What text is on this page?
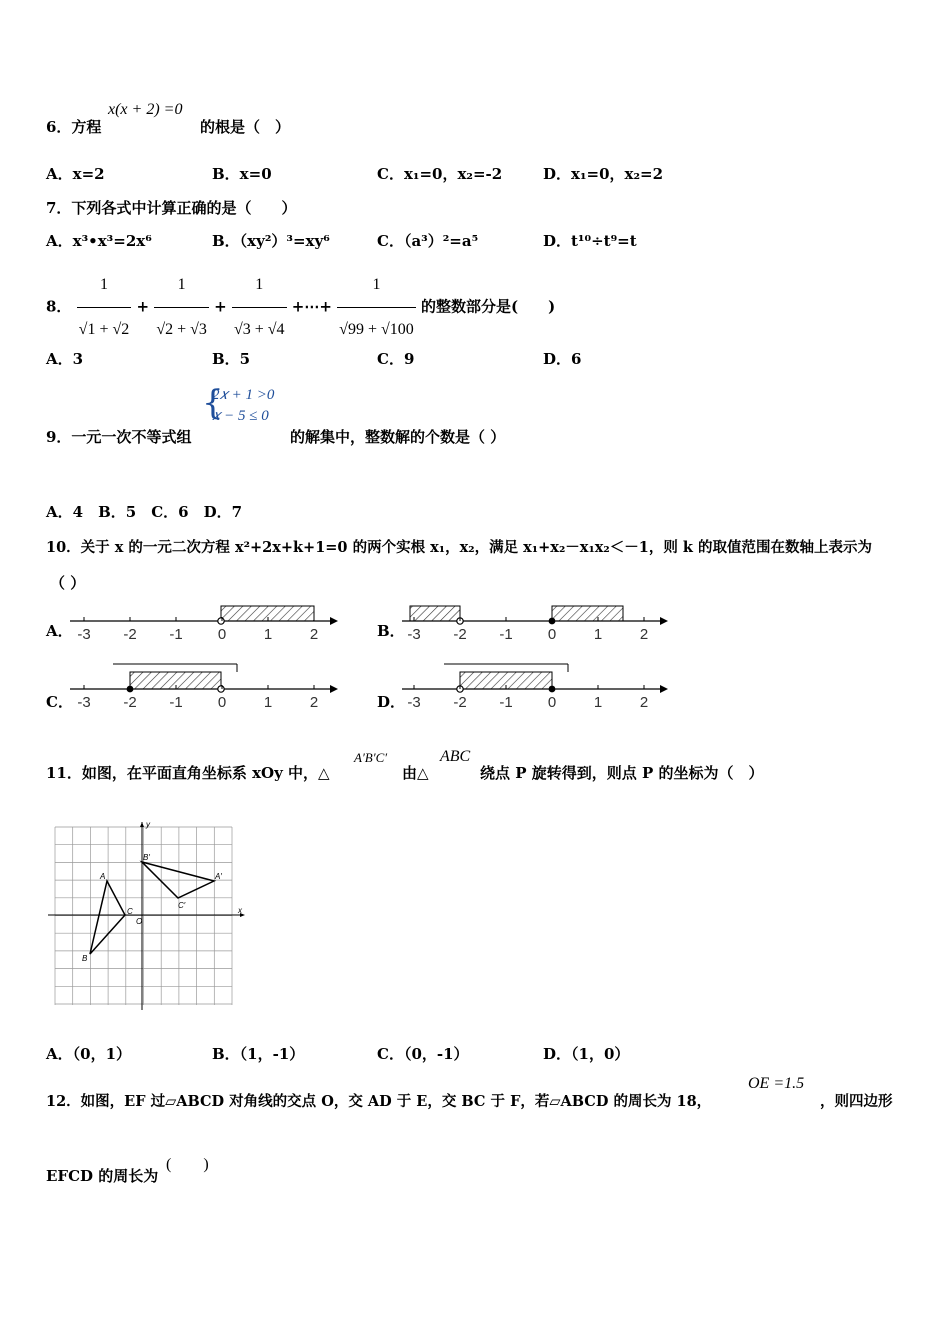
6．方程
x(x + 2) =0
的根是（　）
A．x=2	B．x=0	C．x₁=0，x₂=-2	D．x₁=0，x₂=2
7．下列各式中计算正确的是（　　）
A．x³•x³=2x⁶	B．（xy²）³=xy⁶	C．（a³）²=a⁵	D．t¹⁰÷t⁹=t
8． $\frac{1}{√1 + √2} + \frac{1}{√2 + √3} + \frac{1}{√3 + √4}$ +⋯+ $\frac{1}{√99 + √100}$ 的整数部分是(　　)
A．3	B．5	C．9	D．6
{
2𝑥 + 1 >0
𝑥 − 5 ≤ 0
9．一元一次不等式组	的解集中，整数解的个数是（ ）
A．4　B．5　C．6　D．7
10．关于 x 的一元二次方程 x²+2x+k+1=0 的两个实根 x₁，x₂，满足 x₁+x₂－x₁x₂＜－1，则 k 的取值范围在数轴上表示为
（ ）
A．	B．
C．	D．
-3 -2 -1 0	1	2	-3 -2 -1 0	1	2
-3 -2 -1 0	1	2	-3 -2 -1 0	1	2
11．如图，在平面直角坐标系 xOy 中，△
A′B′C′
由△
ABC
绕点 P 旋转得到，则点 P 的坐标为（　）
A
B
C
O
A′
B′
C′
x
y
A．（0，1）	B．（1，-1）	C．（0，-1）	D．（1，0）
12．如图，EF 过▱ABCD 对角线的交点 O，交 AD 于 E，交 BC 于 F，若▱ABCD 的周长为 18，
OE =1.5
，则四边形
EFCD 的周长为
(　　)
